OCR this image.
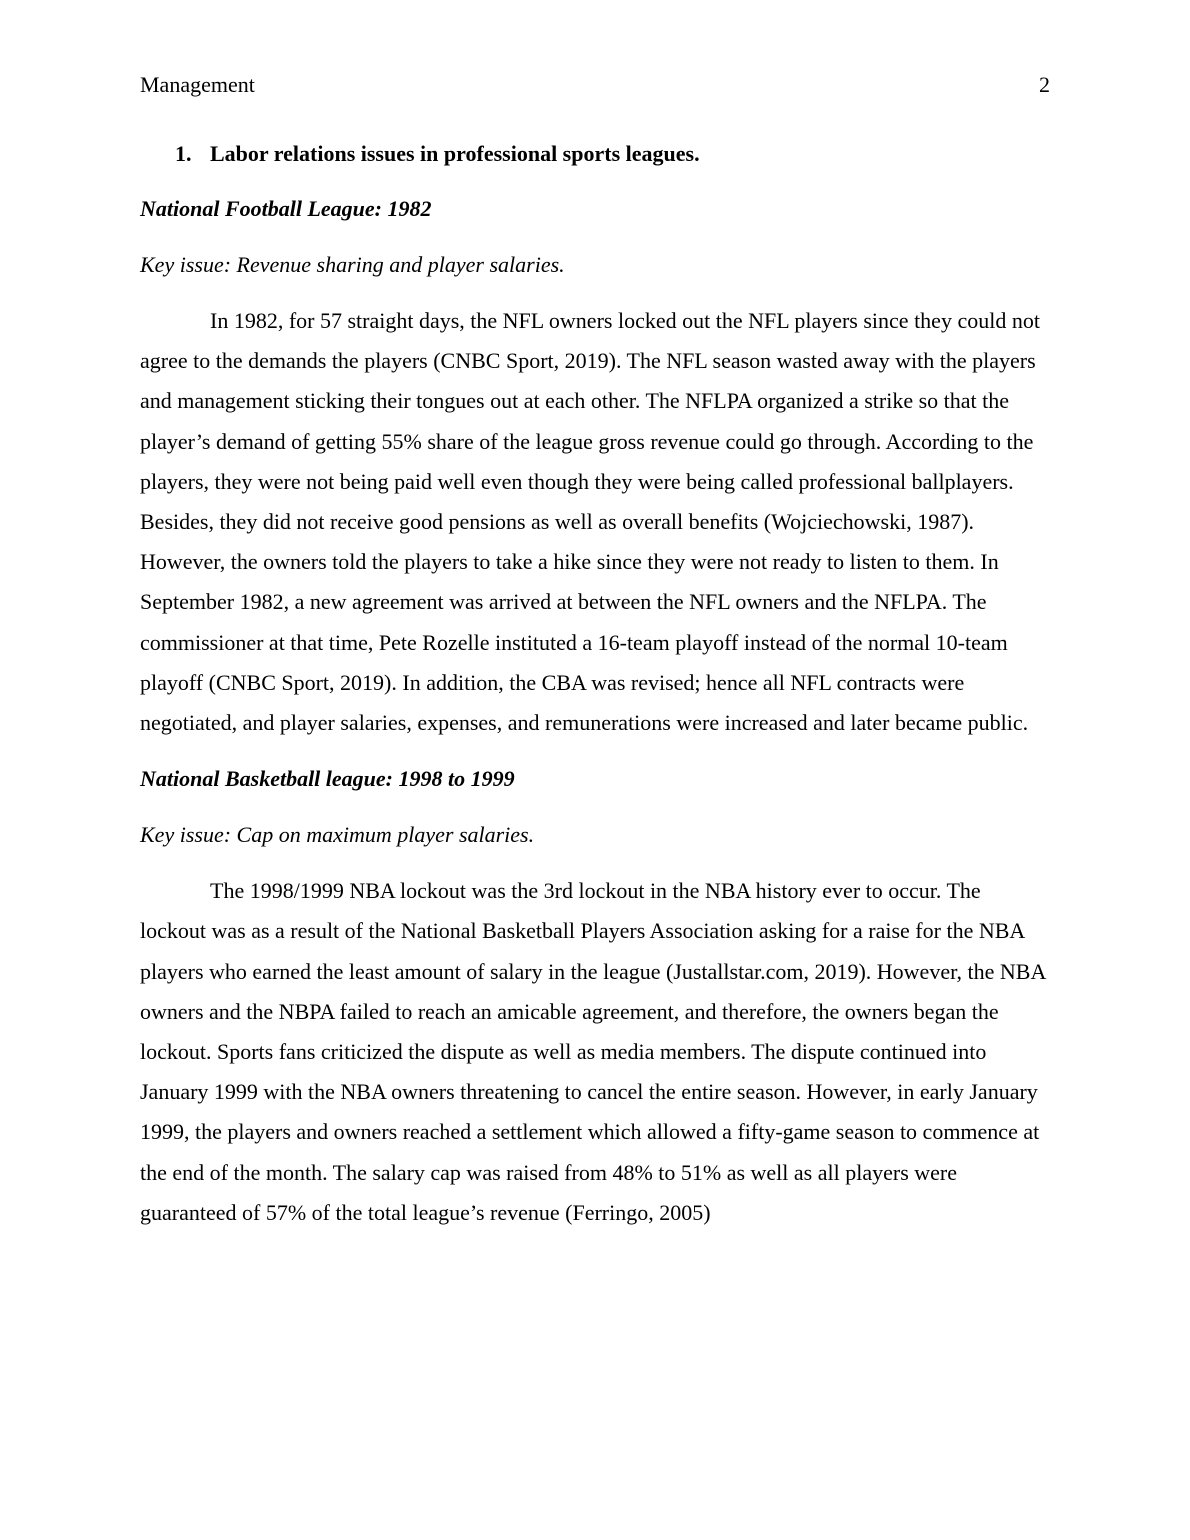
Management	2
1. Labor relations issues in professional sports leagues.
National Football League: 1982
Key issue: Revenue sharing and player salaries.

In 1982, for 57 straight days, the NFL owners locked out the NFL players since they could not agree to the demands the players (CNBC Sport, 2019). The NFL season wasted away with the players and management sticking their tongues out at each other. The NFLPA organized a strike so that the player’s demand of getting 55% share of the league gross revenue could go through. According to the players, they were not being paid well even though they were being called professional ballplayers. Besides, they did not receive good pensions as well as overall benefits (Wojciechowski, 1987). However, the owners told the players to take a hike since they were not ready to listen to them. In September 1982, a new agreement was arrived at between the NFL owners and the NFLPA. The commissioner at that time, Pete Rozelle instituted a 16-team playoff instead of the normal 10-team playoff (CNBC Sport, 2019). In addition, the CBA was revised; hence all NFL contracts were negotiated, and player salaries, expenses, and remunerations were increased and later became public.

National Basketball league: 1998 to 1999
Key issue: Cap on maximum player salaries.

The 1998/1999 NBA lockout was the 3rd lockout in the NBA history ever to occur. The lockout was as a result of the National Basketball Players Association asking for a raise for the NBA players who earned the least amount of salary in the league (Justallstar.com, 2019). However, the NBA owners and the NBPA failed to reach an amicable agreement, and therefore, the owners began the lockout. Sports fans criticized the dispute as well as media members. The dispute continued into January 1999 with the NBA owners threatening to cancel the entire season. However, in early January 1999, the players and owners reached a settlement which allowed a fifty-game season to commence at the end of the month. The salary cap was raised from 48% to 51% as well as all players were guaranteed of 57% of the total league’s revenue (Ferringo, 2005)
